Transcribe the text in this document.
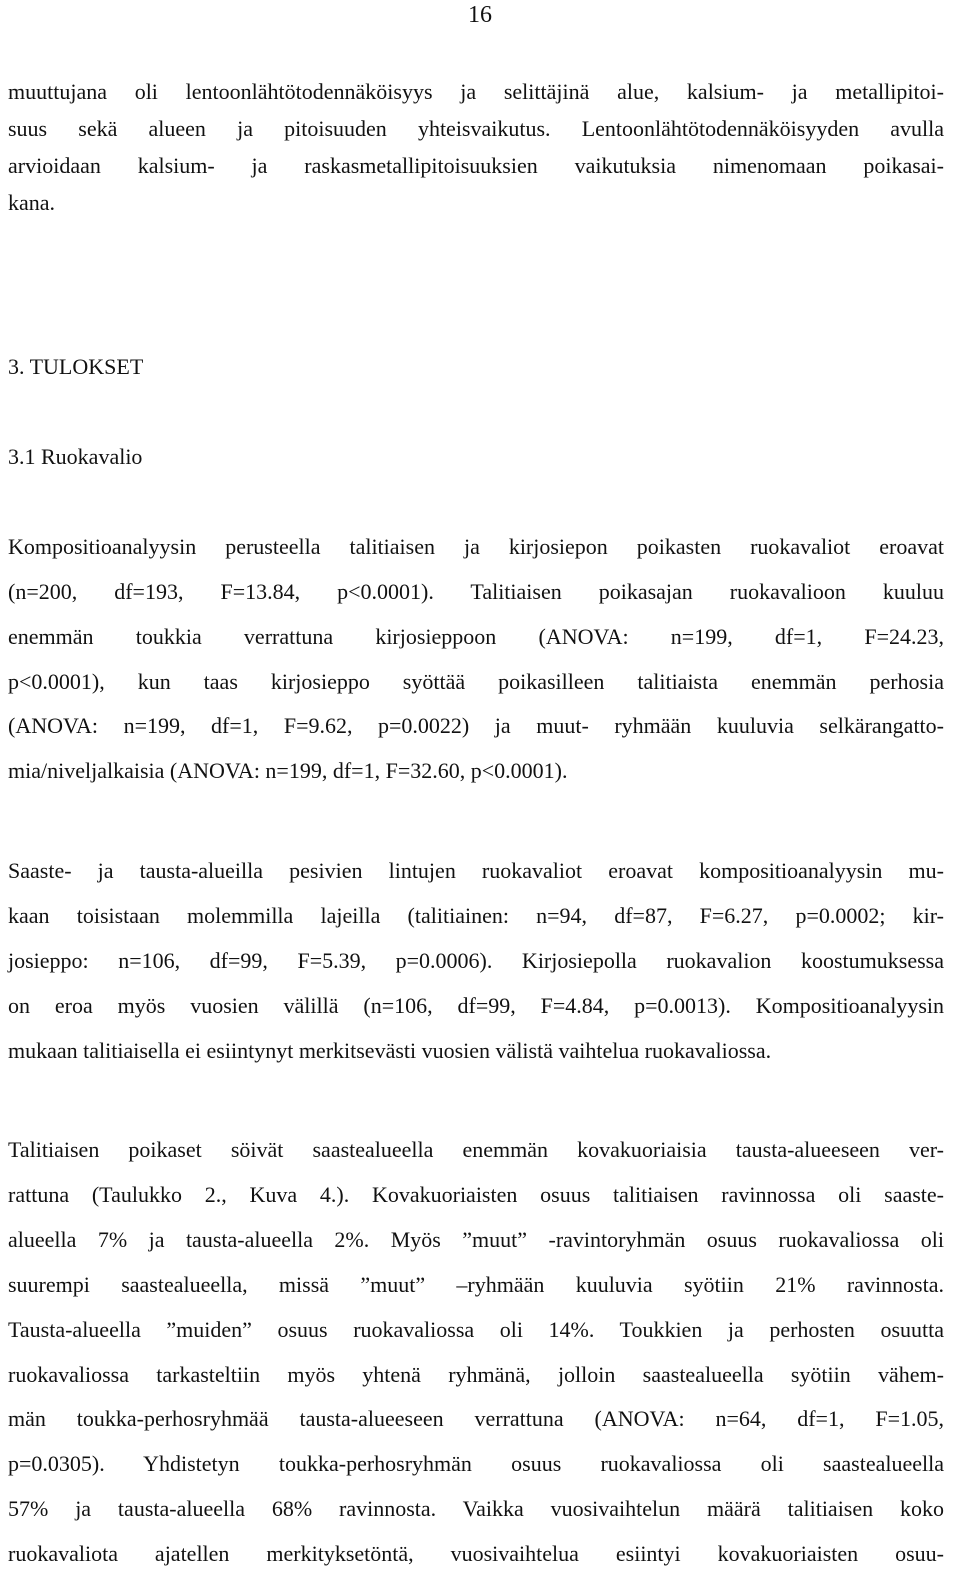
16
muuttujana oli lentoonlähtötodennäköisyys ja selittäjinä alue, kalsium- ja metallipitoi-
suus sekä alueen ja pitoisuuden yhteisvaikutus. Lentoonlähtötodennäköisyyden avulla
arvioidaan kalsium- ja raskasmetallipitoisuuksien vaikutuksia nimenomaan poikasai-
kana.
3. TULOKSET
3.1 Ruokavalio
Kompositioanalyysin perusteella talitiaisen ja kirjosiepon poikasten ruokavaliot eroavat
(n=200, df=193, F=13.84, p<0.0001). Talitiaisen poikasajan ruokavalioon kuuluu
enemmän toukkia verrattuna kirjosieppoon (ANOVA: n=199, df=1, F=24.23,
p<0.0001), kun taas kirjosieppo syöttää poikasilleen talitiaista enemmän perhosia
(ANOVA: n=199, df=1, F=9.62, p=0.0022) ja muut- ryhmään kuuluvia selkärangatto-
mia/niveljalkaisia (ANOVA: n=199, df=1, F=32.60, p<0.0001).
Saaste- ja tausta-alueilla pesivien lintujen ruokavaliot eroavat kompositioanalyysin mu-
kaan toisistaan molemmilla lajeilla (talitiainen: n=94, df=87, F=6.27, p=0.0002; kir-
josieppo: n=106, df=99, F=5.39, p=0.0006). Kirjosiepolla ruokavalion koostumuksessa
on eroa myös vuosien välillä (n=106, df=99, F=4.84, p=0.0013). Kompositioanalyysin
mukaan talitiaisella ei esiintynyt merkitsevästi vuosien välistä vaihtelua ruokavaliossa.
Talitiaisen poikaset söivät saastealueella enemmän kovakuoriaisia tausta-alueeseen ver-
rattuna (Taulukko 2., Kuva 4.). Kovakuoriaisten osuus talitiaisen ravinnossa oli saaste-
alueella 7% ja tausta-alueella 2%. Myös ”muut” -ravintoryhmän osuus ruokavaliossa oli
suurempi saastealueella, missä ”muut” –ryhmään kuuluvia syötiin 21% ravinnosta.
Tausta-alueella ”muiden” osuus ruokavaliossa oli 14%. Toukkien ja perhosten osuutta
ruokavaliossa tarkasteltiin myös yhtenä ryhmänä, jolloin saastealueella syötiin vähem-
män toukka-perhosryhmää tausta-alueeseen verrattuna (ANOVA: n=64, df=1, F=1.05,
p=0.0305). Yhdistetyn toukka-perhosryhmän osuus ruokavaliossa oli saastealueella
57% ja tausta-alueella 68% ravinnosta. Vaikka vuosivaihtelun määrä talitiaisen koko
ruokavaliota ajatellen merkityksetöntä, vuosivaihtelua esiintyi kovakuoriaisten osuu-
